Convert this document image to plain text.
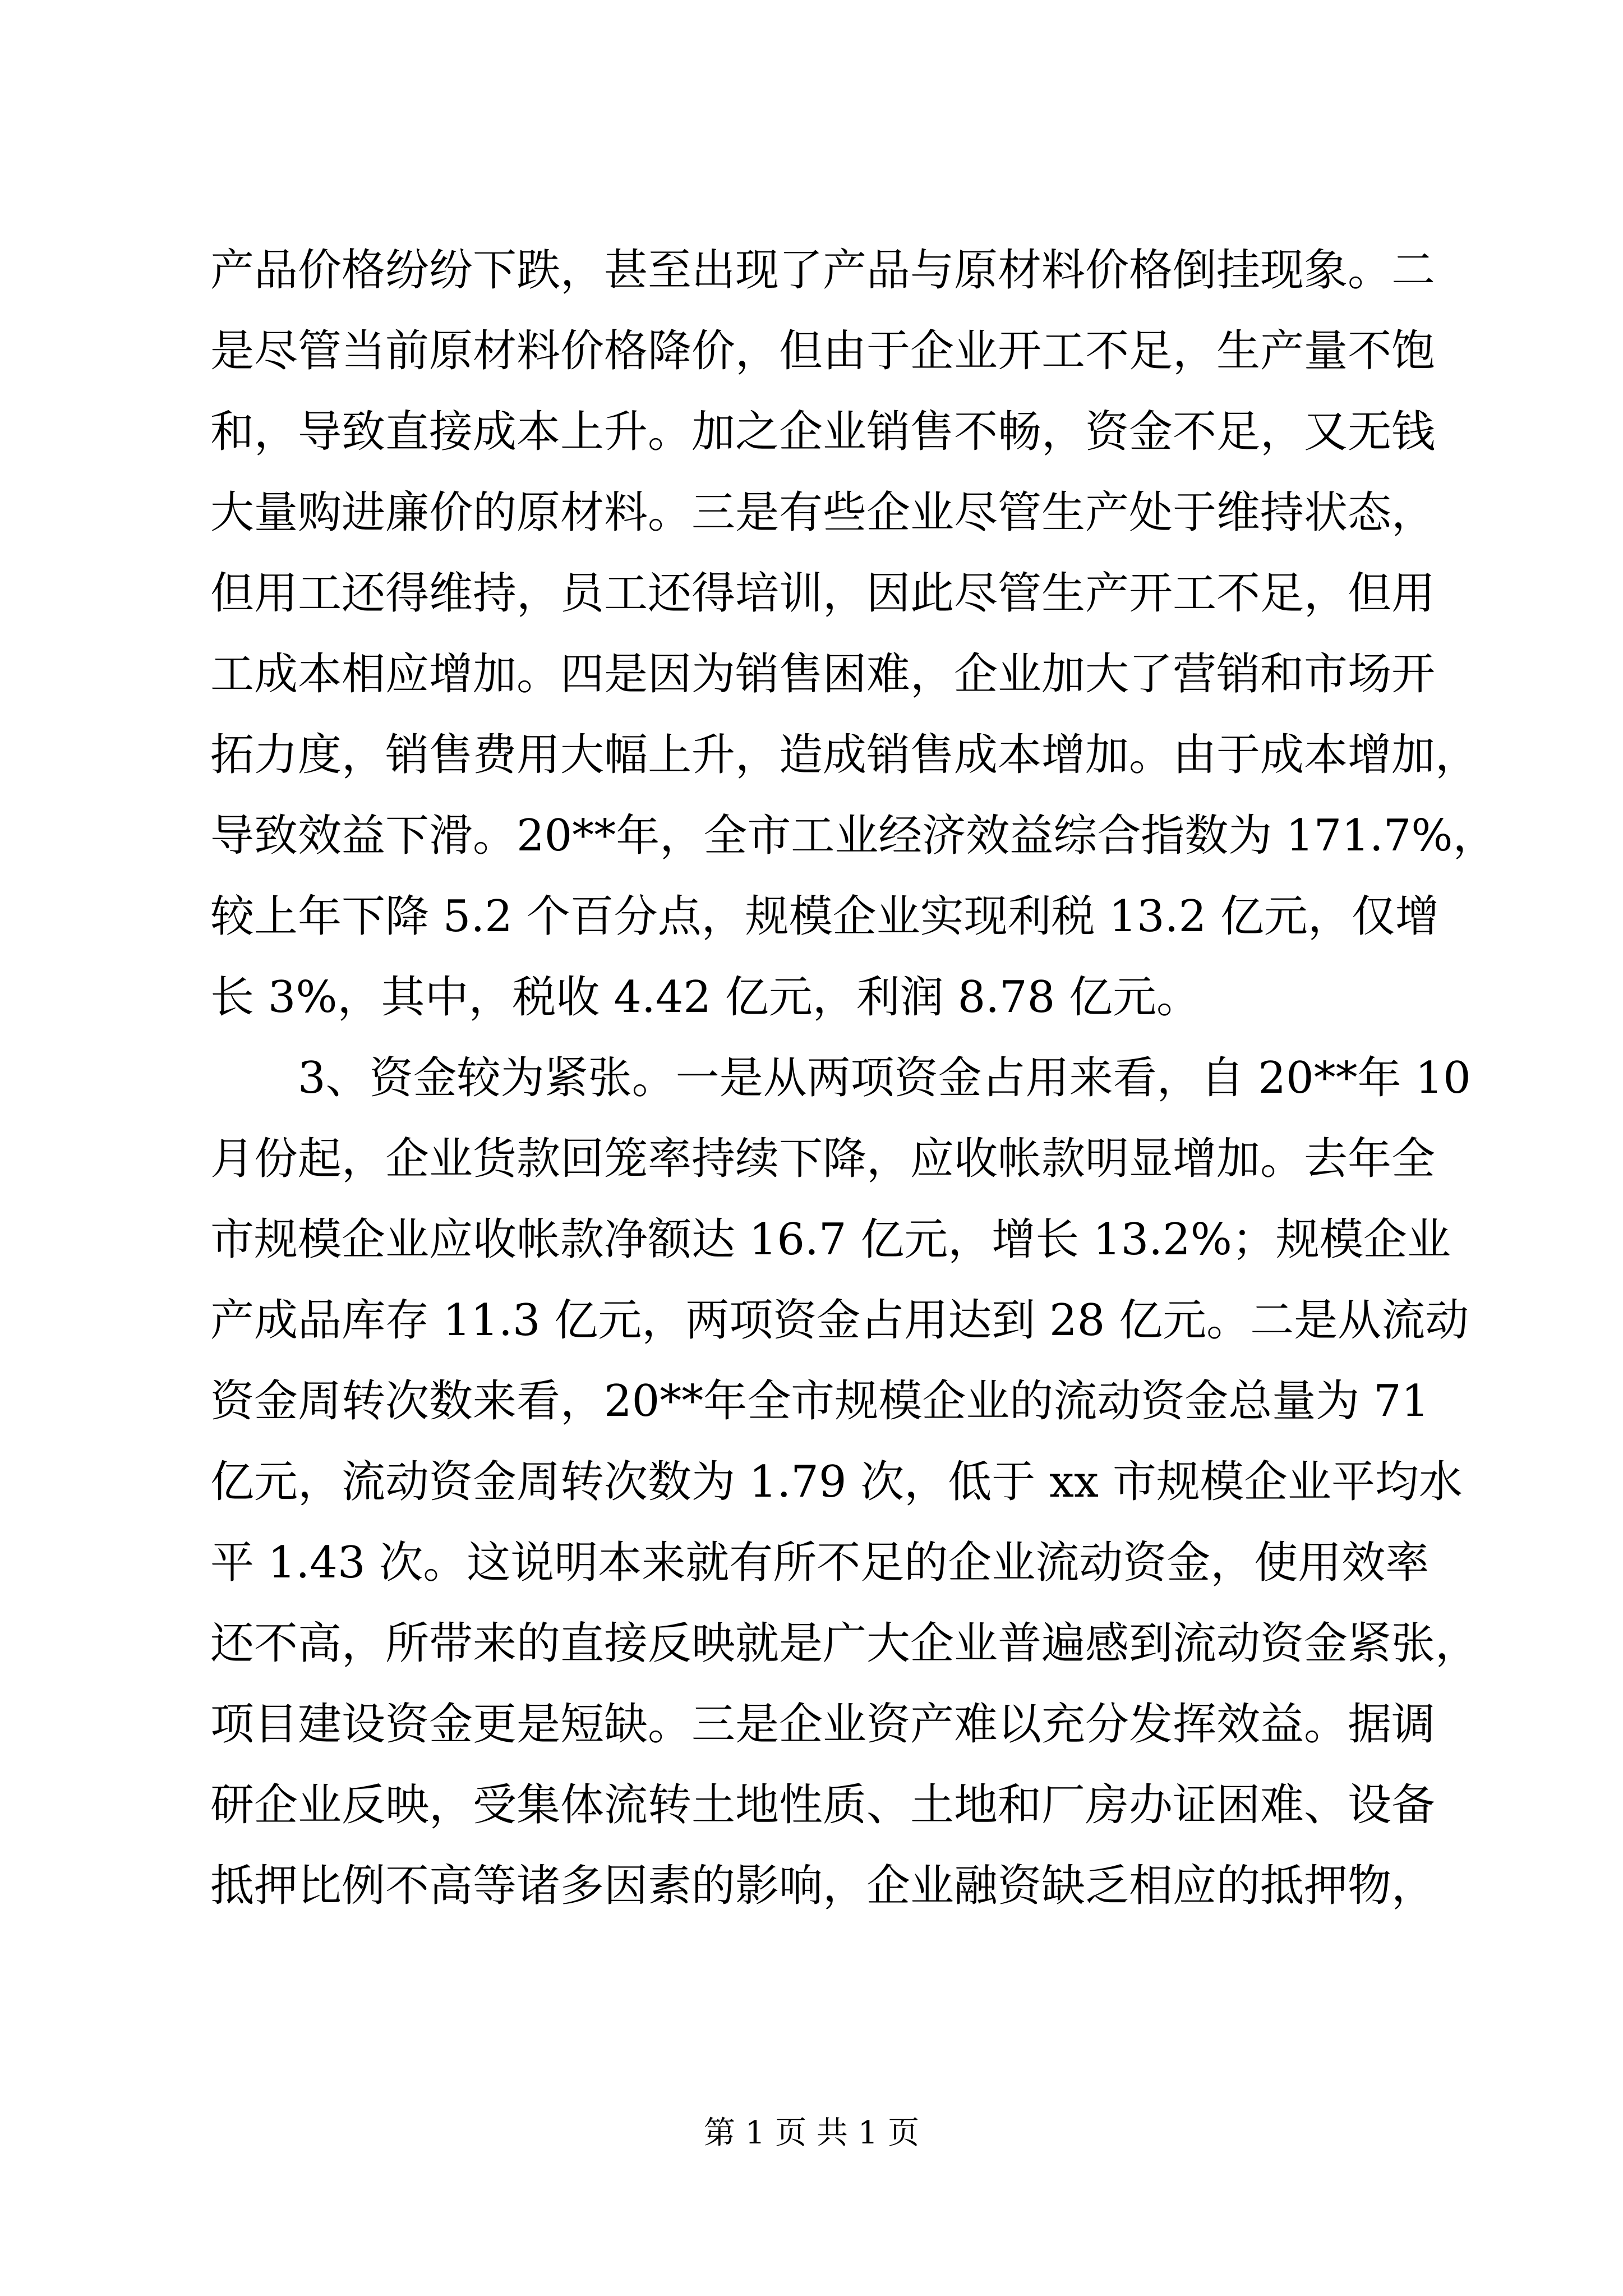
产品价格纷纷下跌，甚至出现了产品与原材料价格倒挂现象。二
是尽管当前原材料价格降价，但由于企业开工不足，生产量不饱
和，导致直接成本上升。加之企业销售不畅，资金不足，又无钱
大量购进廉价的原材料。三是有些企业尽管生产处于维持状态，
但用工还得维持，员工还得培训，因此尽管生产开工不足，但用
工成本相应增加。四是因为销售困难，企业加大了营销和市场开
拓力度，销售费用大幅上升，造成销售成本增加。由于成本增加，
导致效益下滑。20**年，全市工业经济效益综合指数为 171.7%，
较上年下降 5.2 个百分点，规模企业实现利税 13.2 亿元，仅增
长 3%，其中，税收 4.42 亿元，利润 8.78 亿元。
3、资金较为紧张。一是从两项资金占用来看，自 20**年 10
月份起，企业货款回笼率持续下降，应收帐款明显增加。去年全
市规模企业应收帐款净额达 16.7 亿元，增长 13.2%；规模企业
产成品库存 11.3 亿元，两项资金占用达到 28 亿元。二是从流动
资金周转次数来看，20**年全市规模企业的流动资金总量为 71
亿元，流动资金周转次数为 1.79 次，低于 xx 市规模企业平均水
平 1.43 次。这说明本来就有所不足的企业流动资金，使用效率
还不高，所带来的直接反映就是广大企业普遍感到流动资金紧张，
项目建设资金更是短缺。三是企业资产难以充分发挥效益。据调
研企业反映，受集体流转土地性质、土地和厂房办证困难、设备
抵押比例不高等诸多因素的影响，企业融资缺乏相应的抵押物，
第 1 页 共 1 页
